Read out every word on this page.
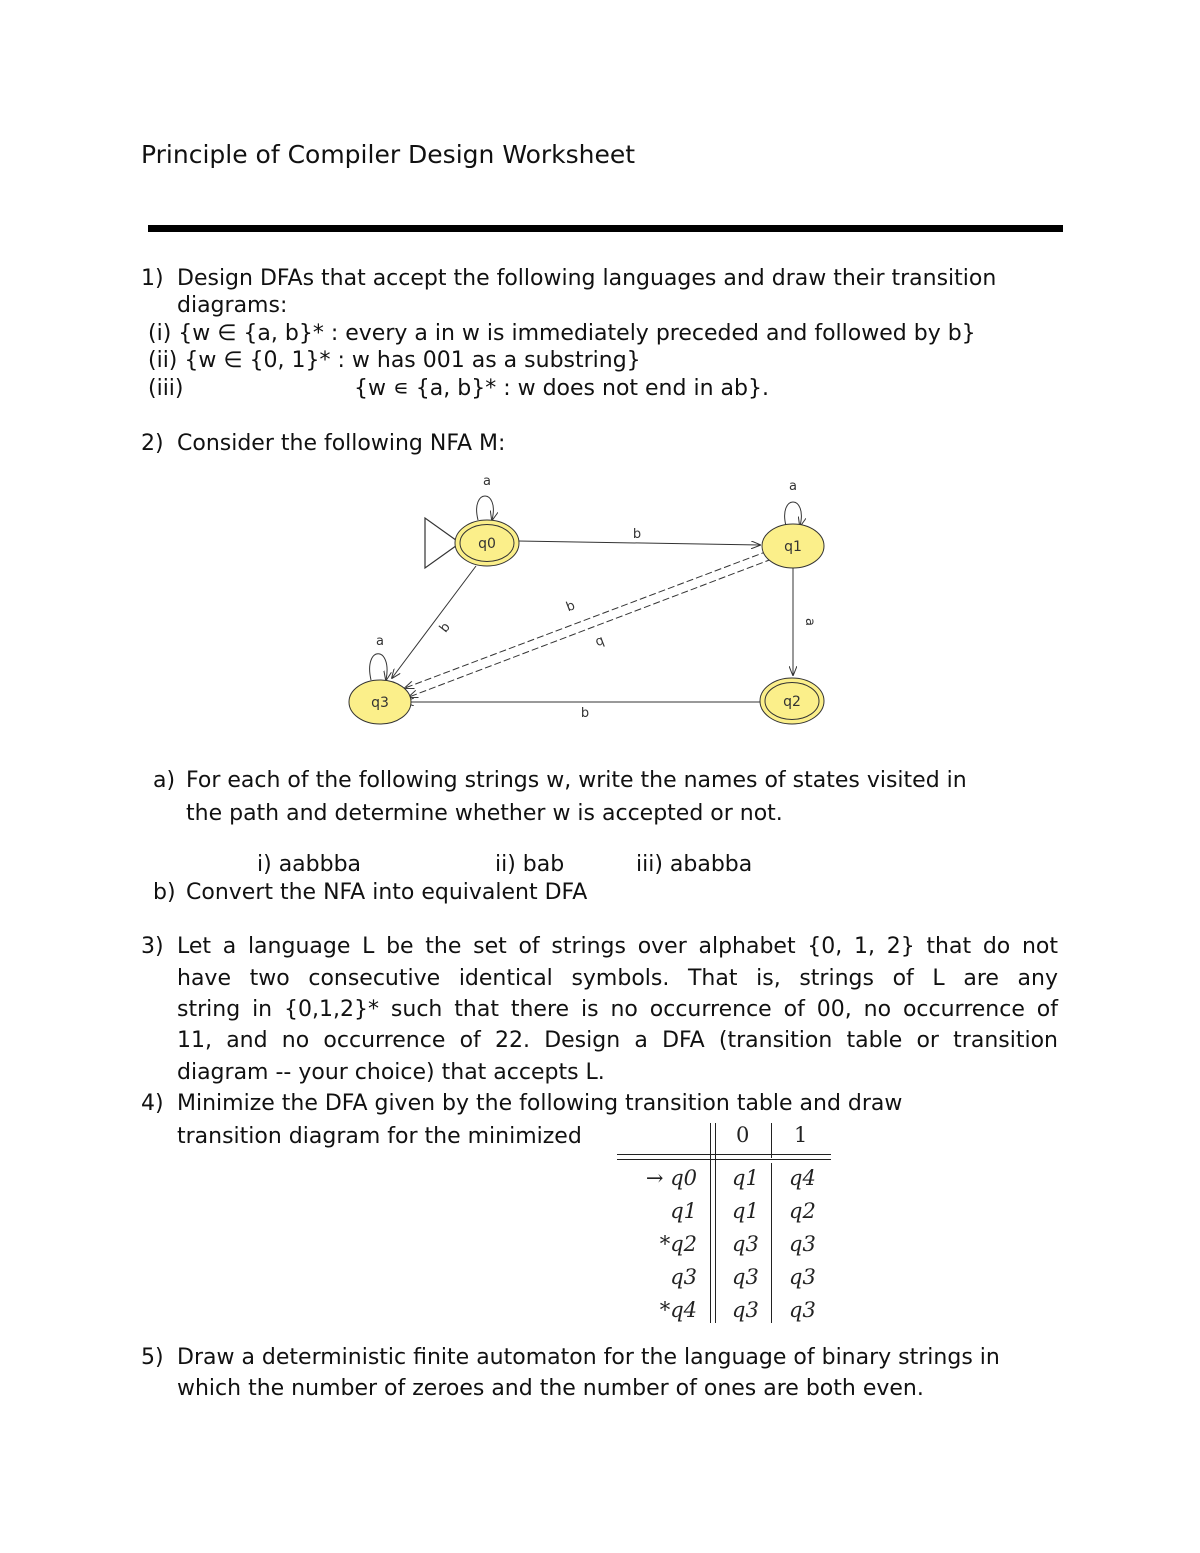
Principle of Compiler Design Worksheet
1) Design DFAs that accept the following languages and draw their transition
diagrams:
(i) {w ∈ {a, b}* : every a in w is immediately preceded and followed by b}
(ii) {w ∈ {0, 1}* : w has 001 as a substring}
(iii)	{w ∊ {a, b}* : w does not end in ab}.
2) Consider the following NFA M:
q0	q1
q2
q3
a	a
a
b
a
b
b
b
b
a) For each of the following strings w, write the names of states visited in
the path and determine whether w is accepted or not.
i) aabbba	ii) bab	iii) ababba
b) Convert the NFA into equivalent DFA
3) Let a language L be the set of strings over alphabet {0, 1, 2} that do not
have two consecutive identical symbols. That is, strings of L are any
string in {0,1,2}* such that there is no occurrence of 00, no occurrence of
11, and no occurrence of 22. Design a DFA (transition table or transition
diagram -- your choice) that accepts L.
4) Minimize the DFA given by the following transition table and draw
transition diagram for the minimized	0 1
→ q0 q1 q4
q1 q1 q2
*q2 q3 q3
q3 q3 q3
*q4 q3 q3
5) Draw a deterministic finite automaton for the language of binary strings in
which the number of zeroes and the number of ones are both even.
